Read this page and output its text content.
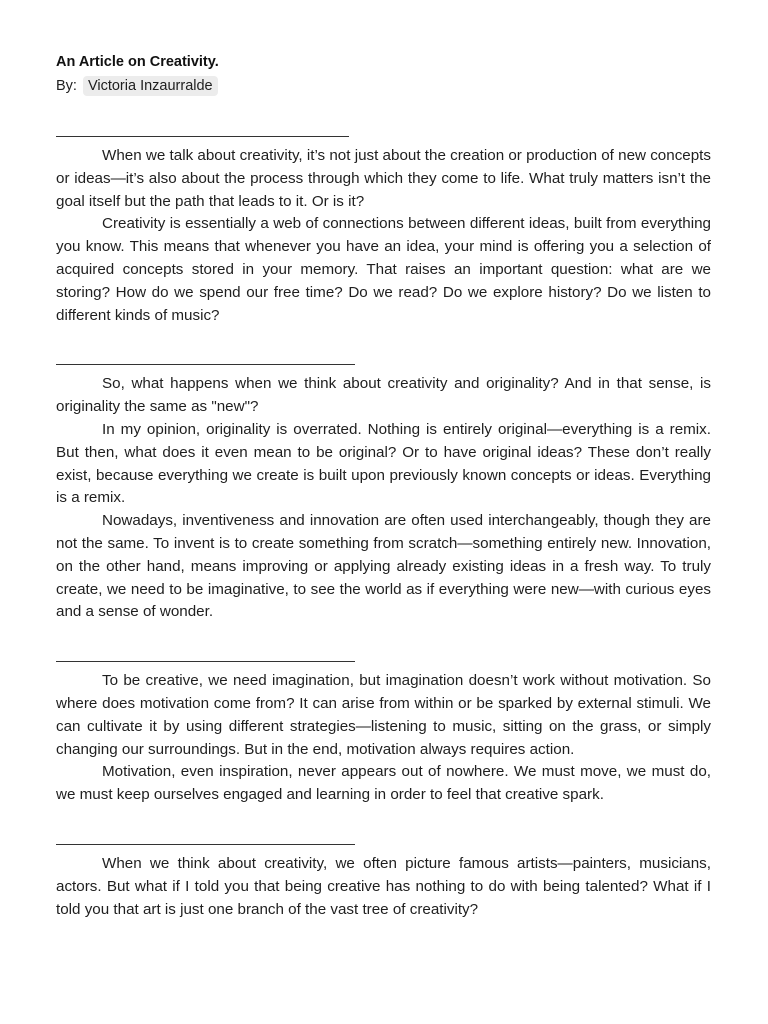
An Article on Creativity.
By: Victoria Inzaurralde

When we talk about creativity, it’s not just about the creation or production of new concepts or ideas—it’s also about the process through which they come to life. What truly matters isn’t the goal itself but the path that leads to it. Or is it?

Creativity is essentially a web of connections between different ideas, built from everything you know. This means that whenever you have an idea, your mind is offering you a selection of acquired concepts stored in your memory. That raises an important question: what are we storing? How do we spend our free time? Do we read? Do we explore history? Do we listen to different kinds of music?

So, what happens when we think about creativity and originality? And in that sense, is originality the same as "new"?

In my opinion, originality is overrated. Nothing is entirely original—everything is a remix. But then, what does it even mean to be original? Or to have original ideas? These don’t really exist, because everything we create is built upon previously known concepts or ideas. Everything is a remix.

Nowadays, inventiveness and innovation are often used interchangeably, though they are not the same. To invent is to create something from scratch—something entirely new. Innovation, on the other hand, means improving or applying already existing ideas in a fresh way. To truly create, we need to be imaginative, to see the world as if everything were new—with curious eyes and a sense of wonder.

To be creative, we need imagination, but imagination doesn’t work without motivation. So where does motivation come from? It can arise from within or be sparked by external stimuli. We can cultivate it by using different strategies—listening to music, sitting on the grass, or simply changing our surroundings. But in the end, motivation always requires action.

Motivation, even inspiration, never appears out of nowhere. We must move, we must do, we must keep ourselves engaged and learning in order to feel that creative spark.

When we think about creativity, we often picture famous artists—painters, musicians, actors. But what if I told you that being creative has nothing to do with being talented? What if I told you that art is just one branch of the vast tree of creativity?
